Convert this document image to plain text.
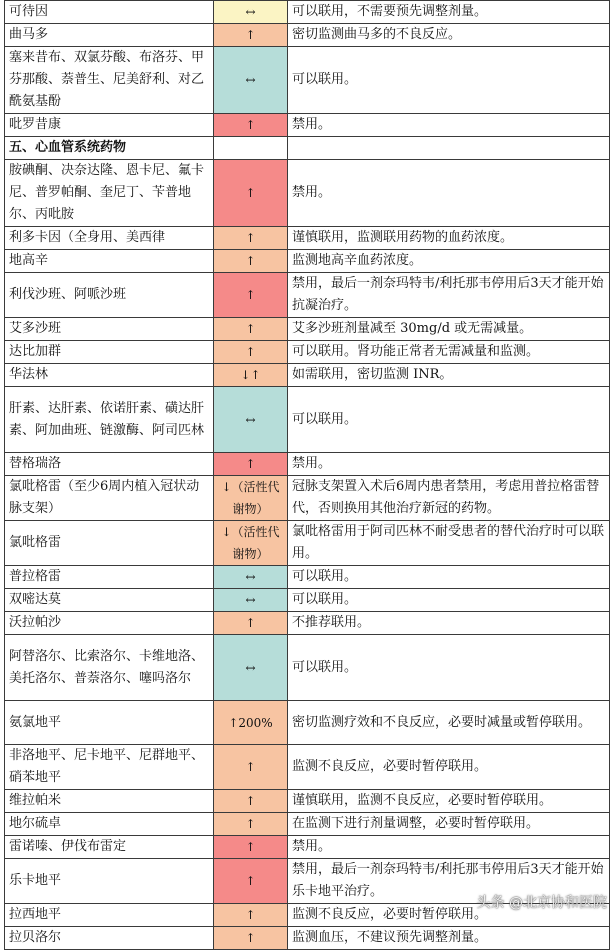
可待因	↔	可以联用，不需要预先调整剂量。
曲马多	↑	密切监测曲马多的不良反应。
塞来昔布、双氯芬酸、布洛芬、甲芬那酸、萘普生、尼美舒利、对乙酰氨基酚	↔	可以联用。
吡罗昔康	↑	禁用。
五、心血管系统药物		
胺碘酮、决奈达隆、恩卡尼、氟卡尼、普罗帕酮、奎尼丁、苄普地尔、丙吡胺	↑	禁用。
利多卡因（全身用、美西律	↑	谨慎联用，监测联用药物的血药浓度。
地高辛	↑	监测地高辛血药浓度。
利伐沙班、阿哌沙班	↑	禁用，最后一剂奈玛特韦/利托那韦停用后3天才能开始抗凝治疗。
艾多沙班	↑	艾多沙班剂量减至 30mg/d 或无需减量。
达比加群	↑	可以联用。肾功能正常者无需减量和监测。
华法林	↓↑	如需联用，密切监测 INR。
肝素、达肝素、依诺肝素、磺达肝素、阿加曲班、链激酶、阿司匹林	↔	可以联用。
替格瑞洛	↑	禁用。
氯吡格雷（至少6周内植入冠状动脉支架）	↓（活性代谢物）	冠脉支架置入术后6周内患者禁用，考虑用普拉格雷替代，否则换用其他治疗新冠的药物。
氯吡格雷	↓（活性代谢物）	氯吡格雷用于阿司匹林不耐受患者的替代治疗时可以联用。
普拉格雷	↔	可以联用。
双嘧达莫	↔	可以联用。
沃拉帕沙	↑	不推荐联用。
阿替洛尔、比索洛尔、卡维地洛、美托洛尔、普萘洛尔、噻吗洛尔	↔	可以联用。
氨氯地平	↑200%	密切监测疗效和不良反应，必要时减量或暂停联用。
非洛地平、尼卡地平、尼群地平、硝苯地平	↑	监测不良反应，必要时暂停联用。
维拉帕米	↑	谨慎联用，监测不良反应，必要时暂停联用。
地尔硫卓	↑	在监测下进行剂量调整，必要时暂停联用。
雷诺嗪、伊伐布雷定	↑	禁用。
乐卡地平	↑	禁用，最后一剂奈玛特韦/利托那韦停用后3天才能开始乐卡地平治疗。
拉西地平	↑	监测不良反应，必要时暂停联用。
拉贝洛尔	↑	监测血压，不建议预先调整剂量。
头条 @北京协和医院
